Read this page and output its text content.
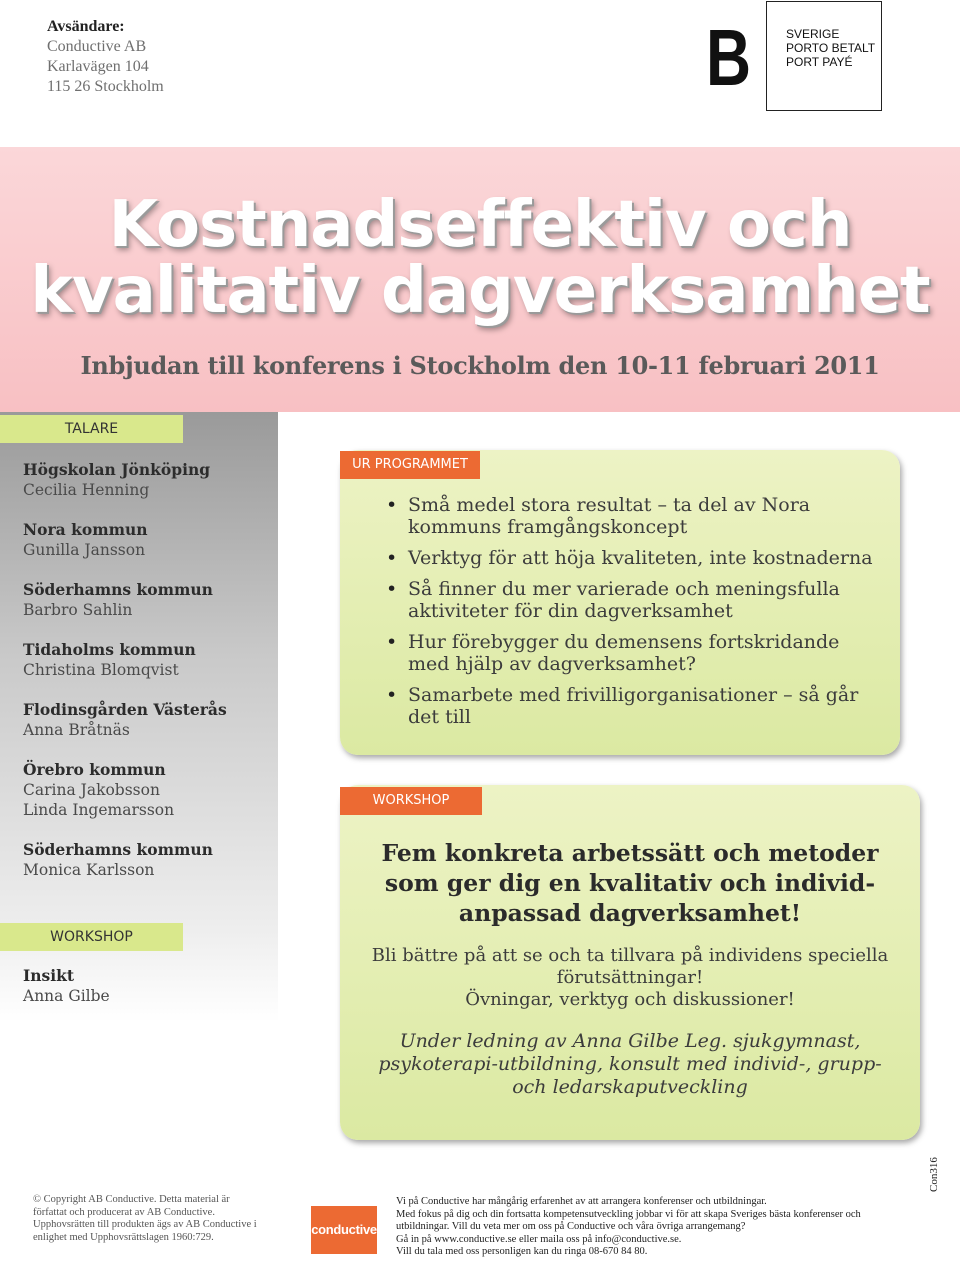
Avsändare:
Conductive AB
Karlavägen 104
115 26 Stockholm	B	SVERIGE
PORTO BETALT
PORT PAYÉ
Kostnadseffektiv och
kvalitativ dagverksamhet
Inbjudan till konferens i Stockholm den 10-11 februari 2011
TALARE
Högskolan Jönköping
Cecilia Henning
Nora kommun
Gunilla Jansson
Söderhamns kommun
Barbro Sahlin
Tidaholms kommun
Christina Blomqvist
Flodinsgården Västerås
Anna Bråtnäs
Örebro kommun
Carina Jakobsson
Linda Ingemarsson
Söderhamns kommun
Monica Karlsson
WORKSHOP
Insikt
Anna Gilbe
UR PROGRAMMET
• Små medel stora resultat – ta del av Nora kommuns framgångskoncept
• Verktyg för att höja kvaliteten, inte kostnaderna
• Så finner du mer varierade och meningsfulla aktiviteter för din dagverksamhet
• Hur förebygger du demensens fortskridande med hjälp av dagverksamhet?
• Samarbete med frivilligorganisationer – så går det till
WORKSHOP
Fem konkreta arbetssätt och metoder som ger dig en kvalitativ och individ-anpassad dagverksamhet!
Bli bättre på att se och ta tillvara på individens speciella förutsättningar!
Övningar, verktyg och diskussioner!
Under ledning av Anna Gilbe Leg. sjukgymnast, psykoterapi-utbildning, konsult med individ-, grupp- och ledarskaputveckling
© Copyright AB Conductive. Detta material är författat och producerat av AB Conductive. Upphovsrätten till produkten ägs av AB Conductive i enlighet med Upphovsrättslagen 1960:729.	conductive
Vi på Conductive har mångårig erfarenhet av att arrangera konferenser och utbildningar.
Med fokus på dig och din fortsatta kompetensutveckling jobbar vi för att skapa Sveriges bästa konferenser och utbildningar. Vill du veta mer om oss på Conductive och våra övriga arrangemang?
Gå in på www.conductive.se eller maila oss på info@conductive.se.
Vill du tala med oss personligen kan du ringa 08-670 84 80.
Con316
